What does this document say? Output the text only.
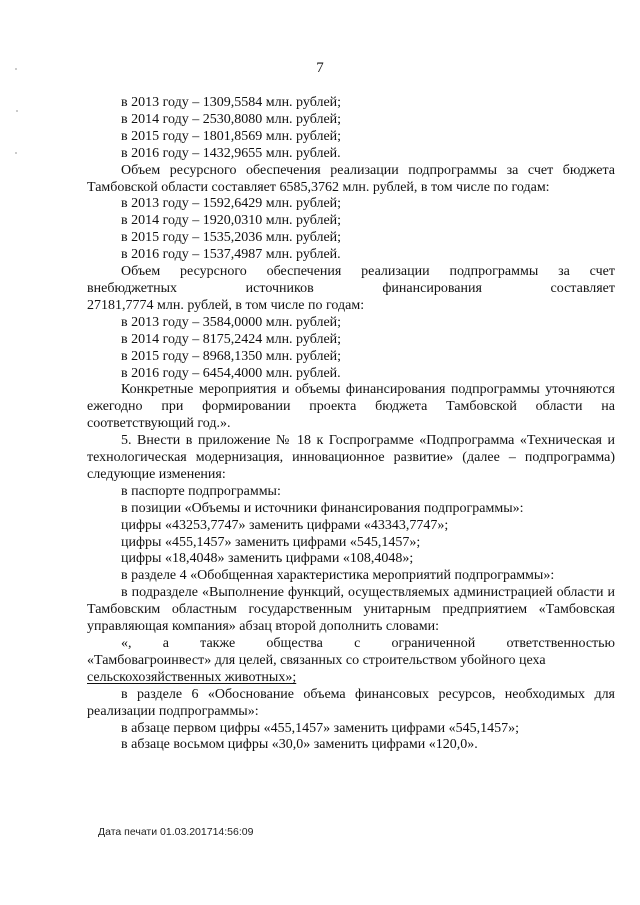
7
в 2013 году – 1309,5584 млн. рублей;
в 2014 году – 2530,8080 млн. рублей;
в 2015 году – 1801,8569 млн. рублей;
в 2016 году – 1432,9655 млн. рублей.

Объем ресурсного обеспечения реализации подпрограммы за счет бюджета Тамбовской области составляет 6585,3762 млн. рублей, в том числе по годам:

в 2013 году – 1592,6429 млн. рублей;
в 2014 году – 1920,0310 млн. рублей;
в 2015 году – 1535,2036 млн. рублей;
в 2016 году – 1537,4987 млн. рублей.

Объем ресурсного обеспечения реализации подпрограммы за счет

внебюджетных источников финансирования составляет

27181,7774 млн. рублей, в том числе по годам:

в 2013 году – 3584,0000 млн. рублей;
в 2014 году – 8175,2424 млн. рублей;
в 2015 году – 8968,1350 млн. рублей;
в 2016 году – 6454,4000 млн. рублей.

Конкретные мероприятия и объемы финансирования подпрограммы уточняются ежегодно при формировании проекта бюджета Тамбовской области на соответствующий год.».

5. Внести в приложение № 18 к Госпрограмме «Подпрограмма «Техническая и технологическая модернизация, инновационное развитие» (далее – подпрограмма) следующие изменения:

в паспорте подпрограммы:
в позиции «Объемы и источники финансирования подпрограммы»:
цифры «43253,7747» заменить цифрами «43343,7747»;
цифры «455,1457» заменить цифрами «545,1457»;
цифры «18,4048» заменить цифрами «108,4048»;
в разделе 4 «Обобщенная характеристика мероприятий подпрограммы»:

в подразделе «Выполнение функций, осуществляемых администрацией области и Тамбовским областным государственным унитарным предприятием «Тамбовская управляющая компания» абзац второй дополнить словами:

«, а также общества с ограниченной ответственностью

«Тамбовагроинвест» для целей, связанных со строительством убойного цеха

сельскохозяйственных животных»;

в разделе 6 «Обоснование объема финансовых ресурсов, необходимых для реализации подпрограммы»:

в абзаце первом цифры «455,1457» заменить цифрами «545,1457»;
в абзаце восьмом цифры «30,0» заменить цифрами «120,0».
Дата печати 01.03.201714:56:09
